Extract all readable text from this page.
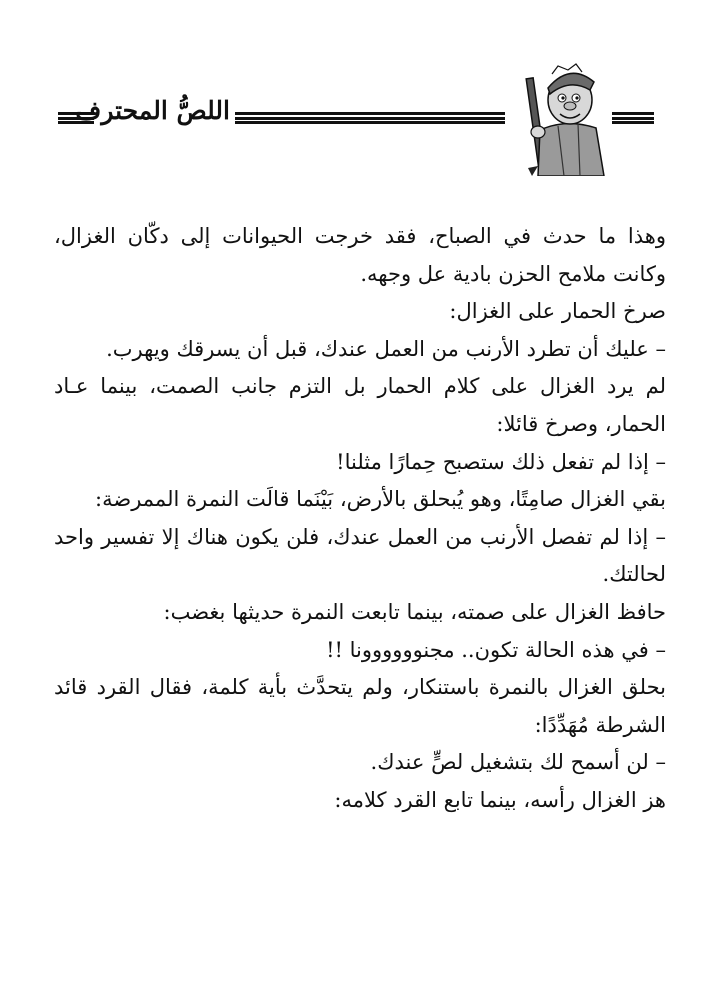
اللصُّ المحترف

وهذا ما حدث في الصباح، فقد خرجت الحيوانات إلى دكّان الغزال، وكانت ملامح الحزن بادية عل وجهه.

صرخ الحمار على الغزال:

– عليك أن تطرد الأرنب من العمل عندك، قبل أن يسرقك ويهرب.

لم يرد الغزال على كلام الحمار بل التزم جانب الصمت، بينما عـاد الحمار، وصرخ قائلا:

– إذا لم تفعل ذلك ستصبح حِمارًا مثلنا!

بقي الغزال صامِتًا، وهو يُبحلق بالأرض، بَيْنَما قالَت النمرة الممرضة:

– إذا لم تفصل الأرنب من العمل عندك، فلن يكون هناك إلا تفسير واحد لحالتك.

حافظ الغزال على صمته، بينما تابعت النمرة حديثها بغضب:

– في هذه الحالة تكون.. مجنوووووونا !!

بحلق الغزال بالنمرة باستنكار، ولم يتحدَّث بأية كلمة، فقال القرد قائد الشرطة مُهَدِّدًا:

– لن أسمح لك بتشغيل لصٍّ عندك.

هز الغزال رأسه، بينما تابع القرد كلامه:
